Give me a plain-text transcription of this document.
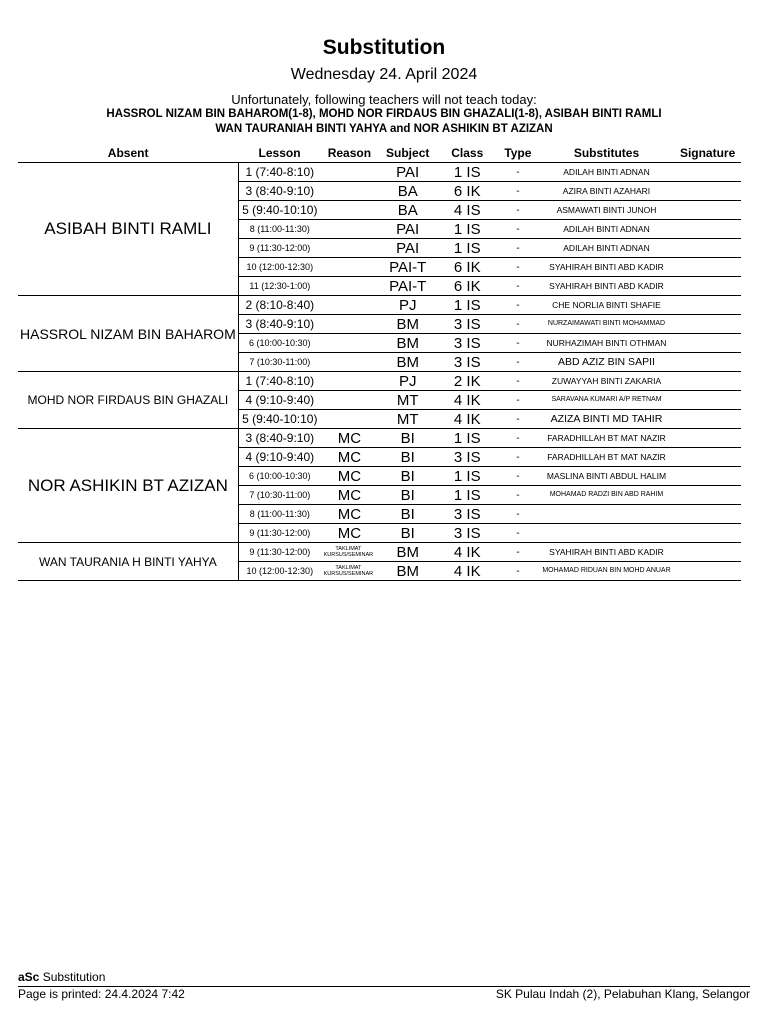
Substitution
Wednesday 24. April 2024
Unfortunately, following teachers will not teach today:
HASSROL NIZAM BIN BAHAROM(1-8), MOHD NOR FIRDAUS BIN GHAZALI(1-8), ASIBAH BINTI RAMLI
WAN TAURANIAH BINTI YAHYA and NOR ASHIKIN BT AZIZAN
Absent	Lesson	Reason	Subject	Class	Type	Substitutes	Signature
ASIBAH BINTI RAMLI	1 (7:40-8:10)		PAI	1 IS	-	ADILAH BINTI ADNAN	
	3 (8:40-9:10)		BA	6 IK	-	AZIRA BINTI AZAHARI	
	5 (9:40-10:10)		BA	4 IS	-	ASMAWATI BINTI JUNOH	
	8 (11:00-11:30)		PAI	1 IS	-	ADILAH BINTI ADNAN	
	9 (11:30-12:00)		PAI	1 IS	-	ADILAH BINTI ADNAN	
	10 (12:00-12:30)		PAI-T	6 IK	-	SYAHIRAH BINTI ABD KADIR	
	11 (12:30-1:00)		PAI-T	6 IK	-	SYAHIRAH BINTI ABD KADIR	
HASSROL NIZAM BIN BAHAROM	2 (8:10-8:40)		PJ	1 IS	-	CHE NORLIA BINTI SHAFIE	
	3 (8:40-9:10)		BM	3 IS	-	NURZAIMAWATI BINTI MOHAMMAD	
	6 (10:00-10:30)		BM	3 IS	-	NURHAZIMAH BINTI OTHMAN	
	7 (10:30-11:00)		BM	3 IS	-	ABD AZIZ BIN SAPII	
MOHD NOR FIRDAUS BIN GHAZALI	1 (7:40-8:10)		PJ	2 IK	-	ZUWAYYAH BINTI ZAKARIA	
	4 (9:10-9:40)		MT	4 IK	-	SARAVANA KUMARI A/P RETNAM	
	5 (9:40-10:10)		MT	4 IK	-	AZIZA BINTI MD TAHIR	
NOR ASHIKIN BT AZIZAN	3 (8:40-9:10)	MC	BI	1 IS	-	FARADHILLAH BT MAT NAZIR	
	4 (9:10-9:40)	MC	BI	3 IS	-	FARADHILLAH BT MAT NAZIR	
	6 (10:00-10:30)	MC	BI	1 IS	-	MASLINA BINTI ABDUL HALIM	
	7 (10:30-11:00)	MC	BI	1 IS	-	MOHAMAD RADZI BIN ABD RAHIM	
	8 (11:00-11:30)	MC	BI	3 IS	-		
	9 (11:30-12:00)	MC	BI	3 IS	-		
WAN TAURANIA H BINTI YAHYA	9 (11:30-12:00)	TAKLIMAT KURSUS/SEMINAR	BM	4 IK	-	SYAHIRAH BINTI ABD KADIR	
	10 (12:00-12:30)	TAKLIMAT KURSUS/SEMINAR	BM	4 IK	-	MOHAMAD RIDUAN BIN MOHD ANUAR	
aSc Substitution
Page is printed: 24.4.2024 7:42	SK Pulau Indah (2), Pelabuhan Klang, Selangor
